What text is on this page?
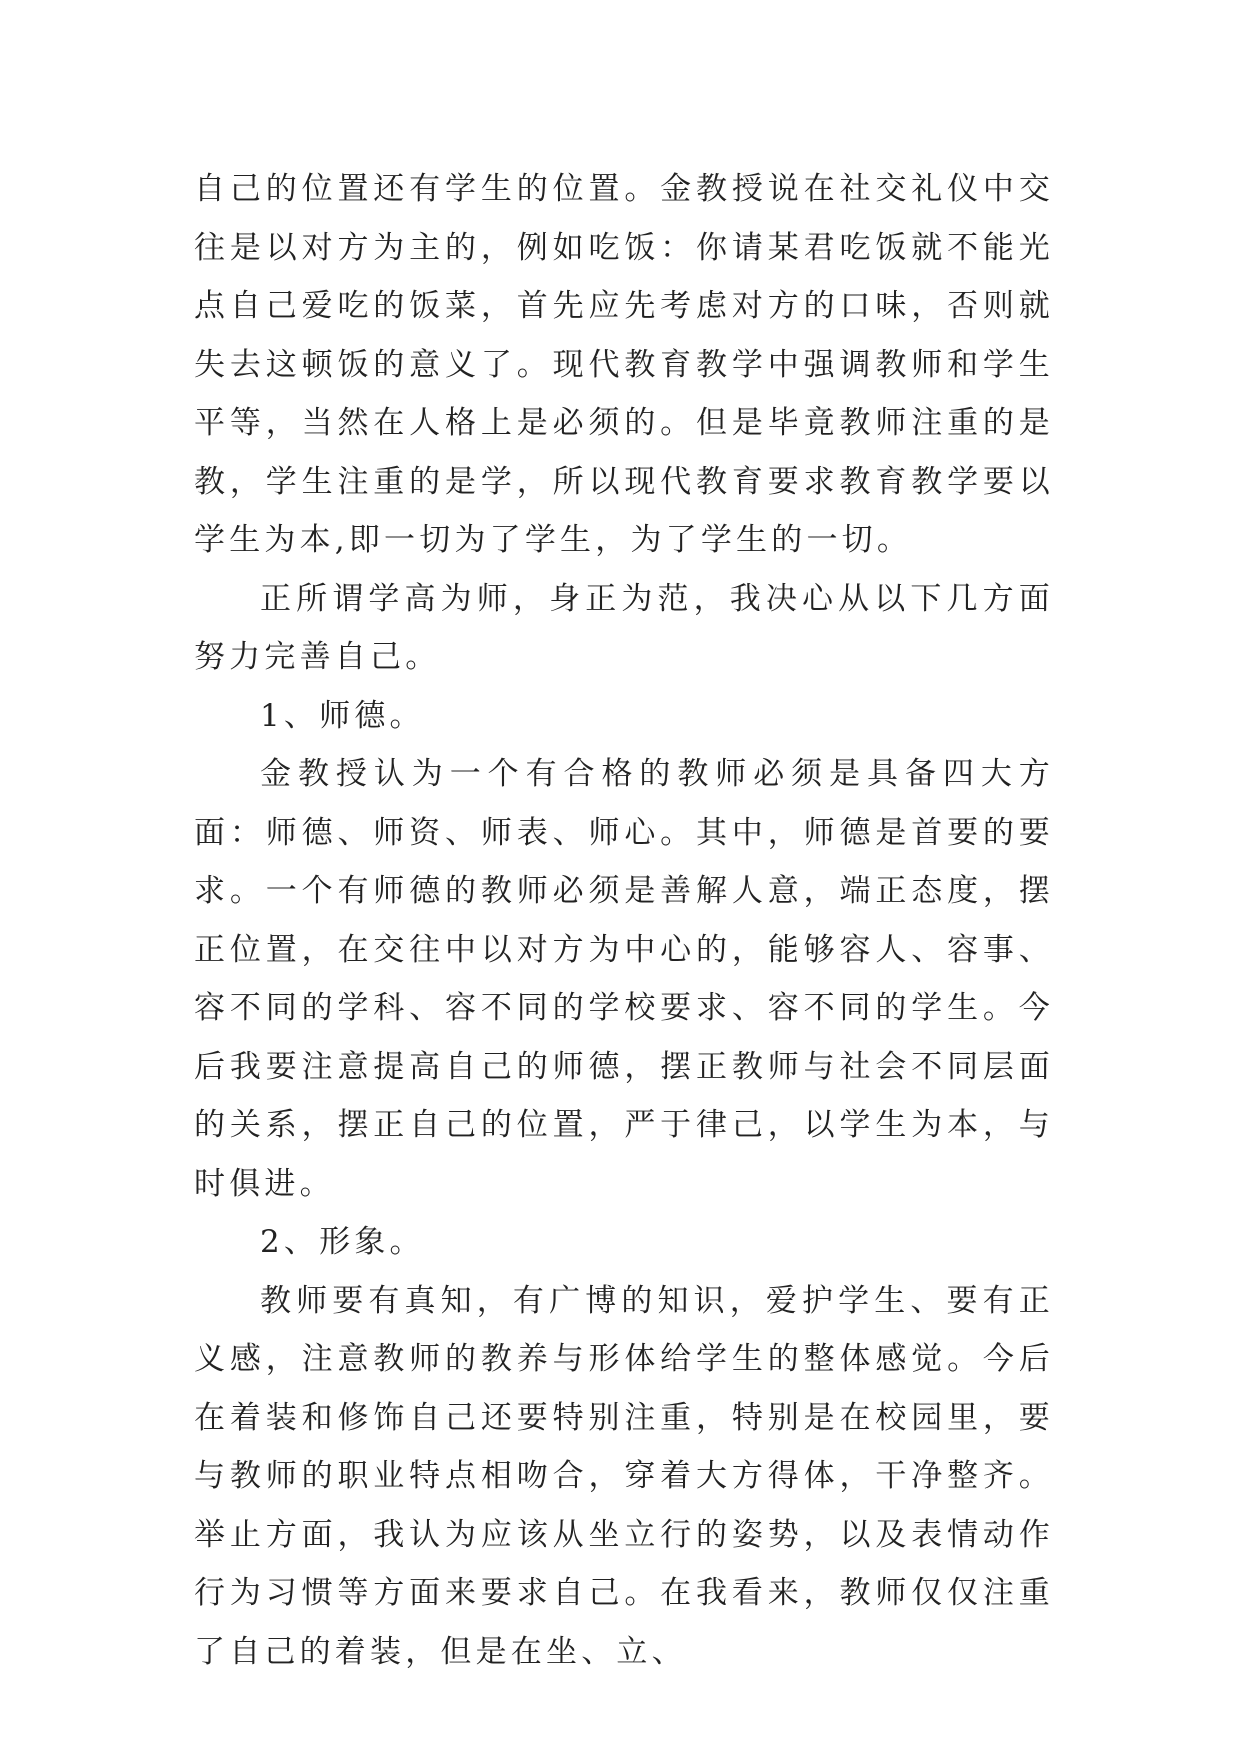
自己的位置还有学生的位置。金教授说在社交礼仪中交往是以对方为主的，例如吃饭：你请某君吃饭就不能光点自己爱吃的饭菜，首先应先考虑对方的口味，否则就失去这顿饭的意义了。现代教育教学中强调教师和学生平等，当然在人格上是必须的。但是毕竟教师注重的是教，学生注重的是学，所以现代教育要求教育教学要以学生为本,即一切为了学生，为了学生的一切。

正所谓学高为师，身正为范，我决心从以下几方面努力完善自己。

1、师德。

金教授认为一个有合格的教师必须是具备四大方面：师德、师资、师表、师心。其中，师德是首要的要求。一个有师德的教师必须是善解人意，端正态度，摆正位置，在交往中以对方为中心的，能够容人、容事、容不同的学科、容不同的学校要求、容不同的学生。今后我要注意提高自己的师德，摆正教师与社会不同层面的关系，摆正自己的位置，严于律己，以学生为本，与时俱进。

2、形象。

教师要有真知，有广博的知识，爱护学生、要有正义感，注意教师的教养与形体给学生的整体感觉。今后在着装和修饰自己还要特别注重，特别是在校园里，要与教师的职业特点相吻合，穿着大方得体，干净整齐。举止方面，我认为应该从坐立行的姿势，以及表情动作行为习惯等方面来要求自己。在我看来，教师仅仅注重了自己的着装，但是在坐、立、
